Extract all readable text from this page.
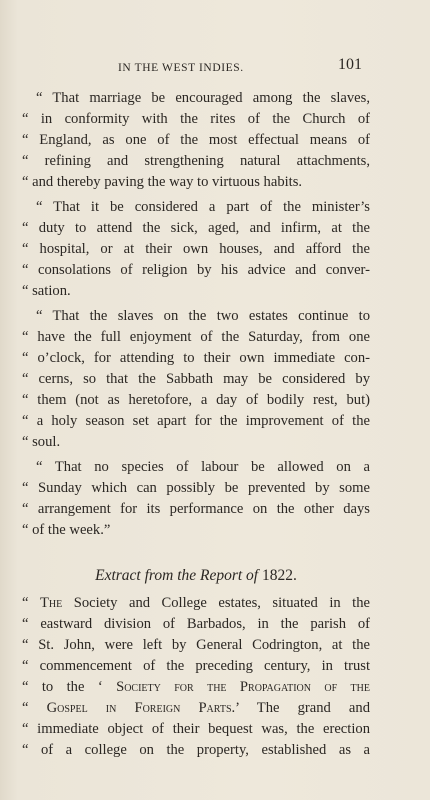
IN THE WEST INDIES.	101
“ That marriage be encouraged among the slaves,
“ in conformity with the rites of the Church of
“ England, as one of the most effectual means of
“ refining and strengthening natural attachments,
“ and thereby paving the way to virtuous habits.
“ That it be considered a part of the minister’s
“ duty to attend the sick, aged, and infirm, at the
“ hospital, or at their own houses, and afford the
“ consolations of religion by his advice and conver-
“ sation.
“ That the slaves on the two estates continue to
“ have the full enjoyment of the Saturday, from one
“ o’clock, for attending to their own immediate con-
“ cerns, so that the Sabbath may be considered by
“ them (not as heretofore, a day of bodily rest, but)
“ a holy season set apart for the improvement of the
“ soul.
“ That no species of labour be allowed on a
“ Sunday which can possibly be prevented by some
“ arrangement for its performance on the other days
“ of the week.”
Extract from the Report of 1822.
“ The Society and College estates, situated in the
“ eastward division of Barbados, in the parish of
“ St. John, were left by General Codrington, at the
“ commencement of the preceding century, in trust
“ to the ‘ Society for the Propagation of the
“ Gospel in Foreign Parts.’ The grand and
“ immediate object of their bequest was, the erection
“ of a college on the property, established as a
